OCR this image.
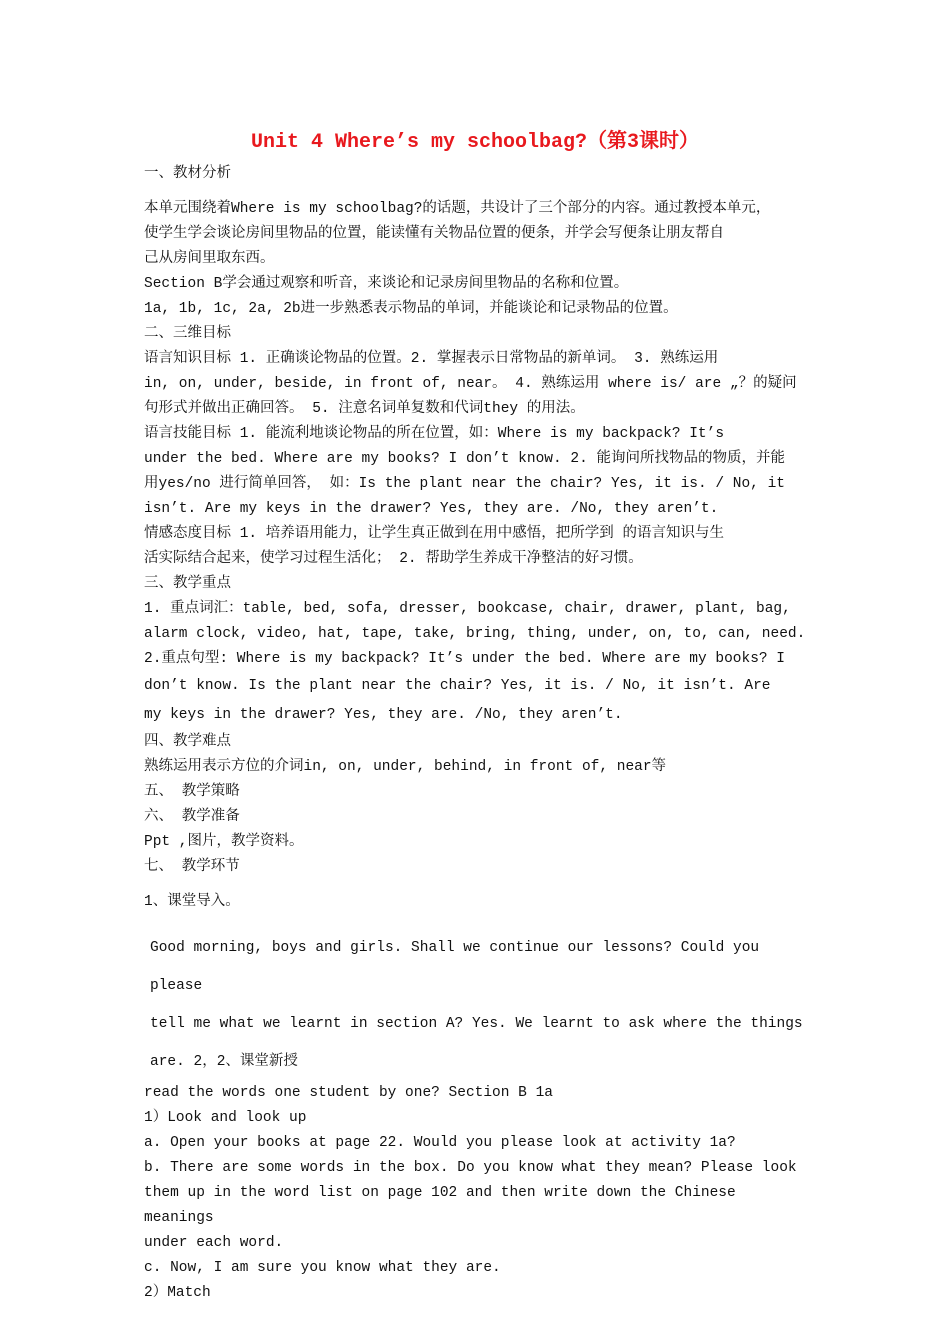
Unit 4 Where’s my schoolbag?（第3课时）
一、教材分析
本单元围绕着Where is my schoolbag?的话题，共设计了三个部分的内容。通过教授本单元，
使学生学会谈论房间里物品的位置，能读懂有关物品位置的便条，并学会写便条让朋友帮自
己从房间里取东西。
Section B学会通过观察和听音，来谈论和记录房间里物品的名称和位置。
1a, 1b, 1c, 2a, 2b进一步熟悉表示物品的单词，并能谈论和记录物品的位置。
二、三维目标
语言知识目标 1. 正确谈论物品的位置。2. 掌握表示日常物品的新单词。 3. 熟练运用
in, on, under, beside, in front of, near。 4. 熟练运用 where is/ are „？的疑问
句形式并做出正确回答。 5. 注意名词单复数和代词they 的用法。
语言技能目标 1. 能流利地谈论物品的所在位置，如：Where is my backpack? It’s
under the bed. Where are my books? I don’t know. 2. 能询问所找物品的物质，并能
用yes/no 进行简单回答， 如：Is the plant near the chair? Yes, it is. / No, it
isn’t. Are my keys in the drawer? Yes, they are. /No, they aren’t.
情感态度目标 1. 培养语用能力，让学生真正做到在用中感悟，把所学到 的语言知识与生
活实际结合起来，使学习过程生活化； 2. 帮助学生养成干净整洁的好习惯。
三、教学重点
1. 重点词汇：table, bed, sofa, dresser, bookcase, chair, drawer, plant, bag,
alarm clock, video, hat, tape, take, bring, thing, under, on, to, can, need.
2.重点句型: Where is my backpack? It’s under the bed. Where are my books? I
don’t know. Is the plant near the chair? Yes, it is. / No, it isn’t. Are
my keys in the drawer? Yes, they are. /No, they aren’t.
四、教学难点
熟练运用表示方位的介词in, on, under, behind, in front of, near等
五、 教学策略
六、 教学准备
Ppt ,图片，教学资料。
七、 教学环节
1、课堂导入。
Good morning, boys and girls. Shall we continue our lessons? Could you please
tell me what we learnt in section A? Yes. We learnt to ask where the things
are. 2，2、课堂新授
read the words one student by one? Section B 1a
1）Look and look up
a. Open your books at page 22. Would you please look at activity 1a?
b. There are some words in the box. Do you know what they mean? Please look
them up in the word list on page 102 and then write down the Chinese meanings
under each word.
c. Now, I am sure you know what they are.
2）Match
